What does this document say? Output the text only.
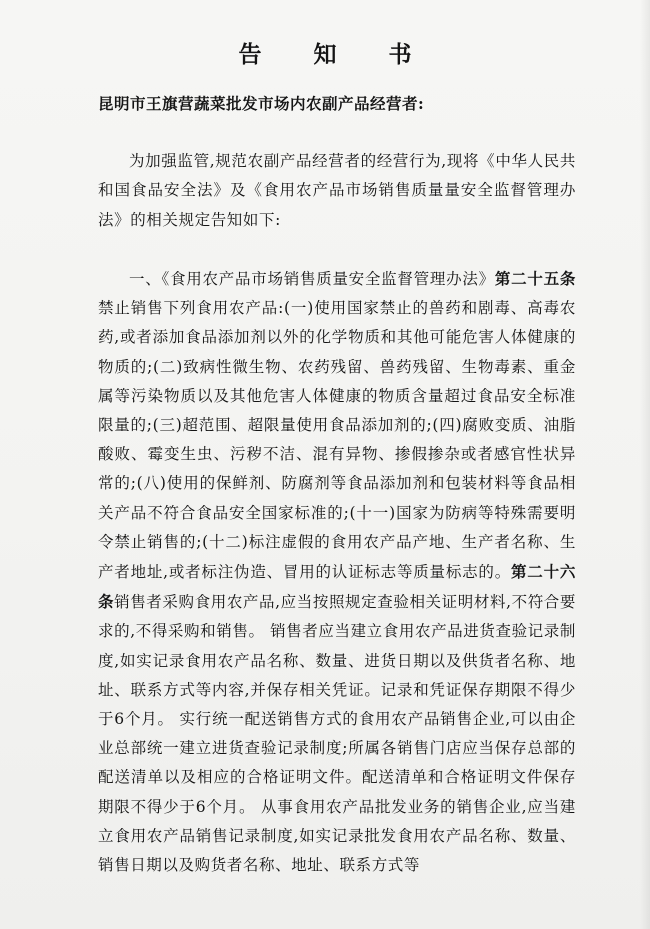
告 知 书
昆明市王旗营蔬菜批发市场内农副产品经营者:

为加强监管,规范农副产品经营者的经营行为,现将《中华人民共和国食品安全法》及《食用农产品市场销售质量量安全监督管理办法》的相关规定告知如下:

一、《食用农产品市场销售质量安全监督管理办法》第二十五条禁止销售下列食用农产品:(一)使用国家禁止的兽药和剧毒、高毒农药,或者添加食品添加剂以外的化学物质和其他可能危害人体健康的物质的;(二)致病性微生物、农药残留、兽药残留、生物毒素、重金属等污染物质以及其他危害人体健康的物质含量超过食品安全标准限量的;(三)超范围、超限量使用食品添加剂的;(四)腐败变质、油脂酸败、霉变生虫、污秽不洁、混有异物、掺假掺杂或者感官性状异常的;(八)使用的保鲜剂、防腐剂等食品添加剂和包装材料等食品相关产品不符合食品安全国家标准的;(十一)国家为防病等特殊需要明令禁止销售的;(十二)标注虚假的食用农产品产地、生产者名称、生产者地址,或者标注伪造、冒用的认证标志等质量标志的。第二十六条销售者采购食用农产品,应当按照规定查验相关证明材料,不符合要求的,不得采购和销售。 销售者应当建立食用农产品进货查验记录制度,如实记录食用农产品名称、数量、进货日期以及供货者名称、地址、联系方式等内容,并保存相关凭证。记录和凭证保存期限不得少于6个月。 实行统一配送销售方式的食用农产品销售企业,可以由企业总部统一建立进货查验记录制度;所属各销售门店应当保存总部的配送清单以及相应的合格证明文件。配送清单和合格证明文件保存期限不得少于6个月。 从事食用农产品批发业务的销售企业,应当建立食用农产品销售记录制度,如实记录批发食用农产品名称、数量、销售日期以及购货者名称、地址、联系方式等
